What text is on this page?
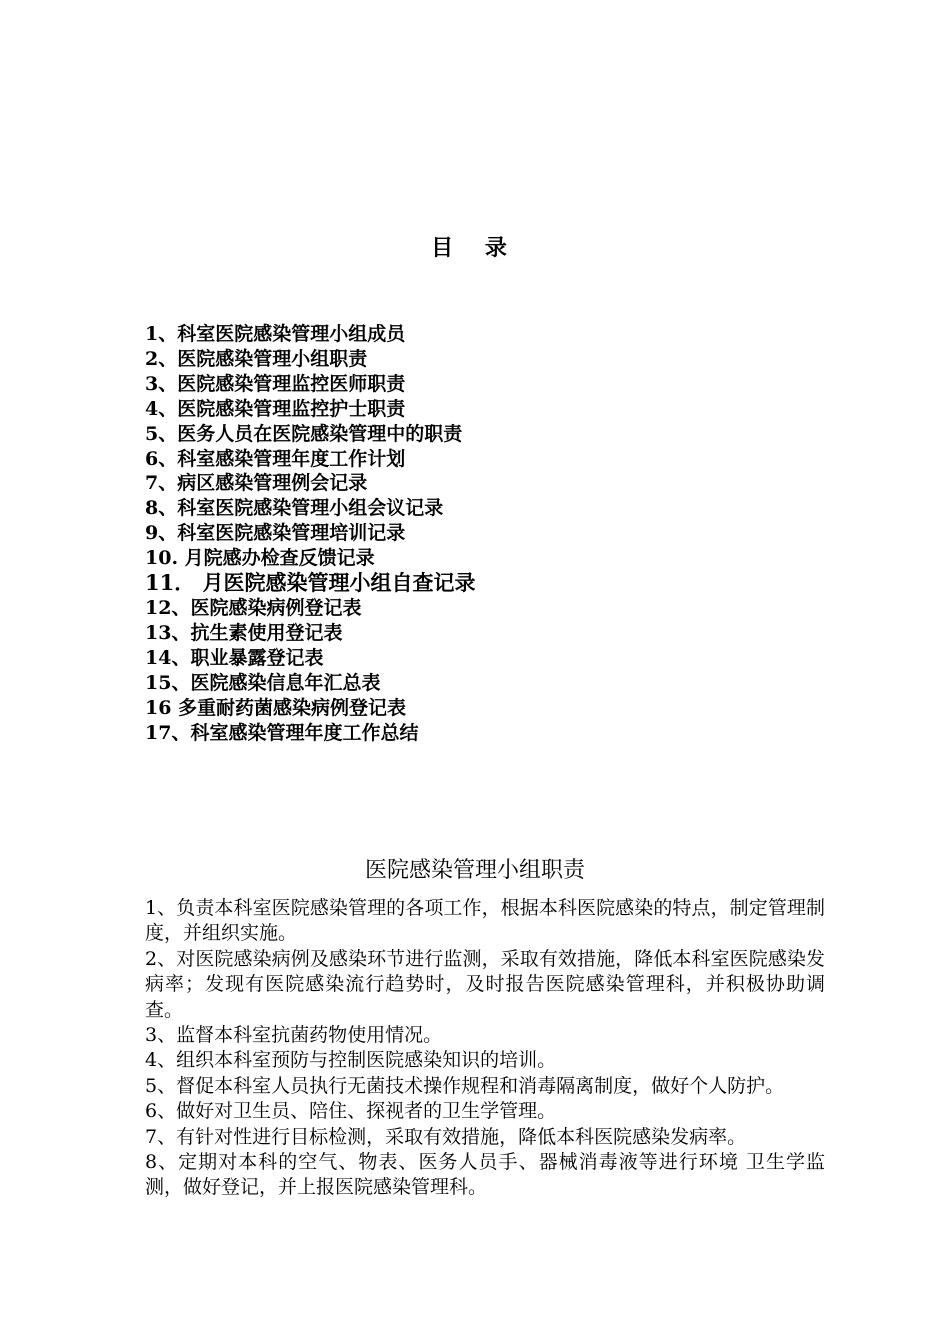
目 录
1、科室医院感染管理小组成员
2、医院感染管理小组职责
3、医院感染管理监控医师职责
4、医院感染管理监控护士职责
5、医务人员在医院感染管理中的职责
6、科室感染管理年度工作计划
7、病区感染管理例会记录
8、科室医院感染管理小组会议记录
9、科室医院感染管理培训记录
10. 月院感办检查反馈记录
11． 月医院感染管理小组自查记录
12、医院感染病例登记表
13、抗生素使用登记表
14、职业暴露登记表
15、医院感染信息年汇总表
16 多重耐药菌感染病例登记表
17、科室感染管理年度工作总结
医院感染管理小组职责

1、负责本科室医院感染管理的各项工作，根据本科医院感染的特点，制定管理制度，并组织实施。

2、对医院感染病例及感染环节进行监测，采取有效措施，降低本科室医院感染发病率；发现有医院感染流行趋势时，及时报告医院感染管理科，并积极协助调查。

3、监督本科室抗菌药物使用情况。

4、组织本科室预防与控制医院感染知识的培训。

5、督促本科室人员执行无菌技术操作规程和消毒隔离制度，做好个人防护。

6、做好对卫生员、陪住、探视者的卫生学管理。

7、有针对性进行目标检测，采取有效措施，降低本科医院感染发病率。

8、定期对本科的空气、物表、医务人员手、器械消毒液等进行环境 卫生学监测，做好登记，并上报医院感染管理科。
